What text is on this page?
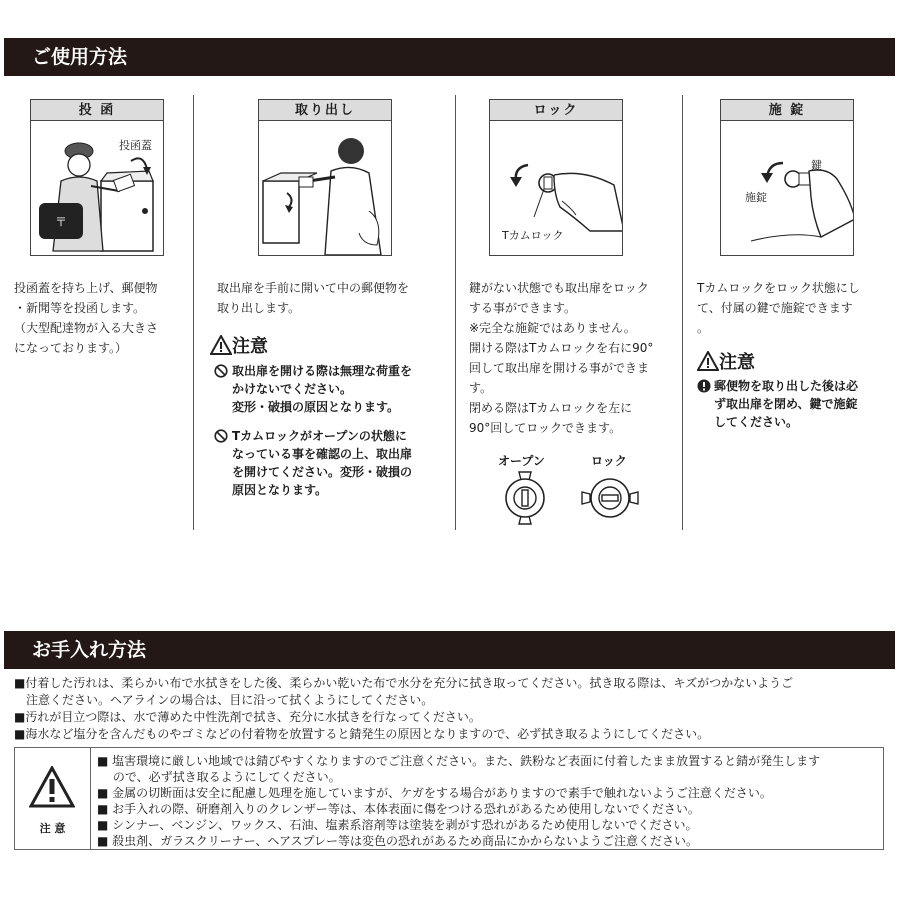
ご使用方法
投 函
〒
投函蓋

投函蓋を持ち上げ、郵便物

・新聞等を投函します。

（大型配達物が入る大きさ

になっております。）

取り出し

取出扉を手前に開いて中の郵便物を

取り出します。

注意
取出扉を開ける際は無理な荷重を
かけないでください。
変形・破損の原因となります。
Tカムロックがオープンの状態に
なっている事を確認の上、取出扉
を開けてください。変形・破損の
原因となります。
ロック
Tカムロック

鍵がない状態でも取出扉をロック

する事ができます。

※完全な施錠ではありません。

開ける際はTカムロックを右に90°

回して取出扉を開ける事ができま

す。

閉める際はTカムロックを左に

90°回してロックできます。

オープン	ロック
施 錠
鍵
施錠

Tカムロックをロック状態にし

て、付属の鍵で施錠できます

。

注意
郵便物を取り出した後は必
ず取出扉を閉め、鍵で施錠
してください。
お手入れ方法

■付着した汚れは、柔らかい布で水拭きをした後、柔らかい乾いた布で水分を充分に拭き取ってください。拭き取る際は、キズがつかないようご

　注意ください。ヘアラインの場合は、目に沿って拭くようにしてください。

■汚れが目立つ際は、水で薄めた中性洗剤で拭き、充分に水拭きを行なってください。

■海水など塩分を含んだものやゴミなどの付着物を放置すると錆発生の原因となりますので、必ず拭き取るようにしてください。

注 意

■ 塩害環境に厳しい地域では錆びやすくなりますのでご注意ください。また、鉄粉など表面に付着したまま放置すると錆が発生します

　 ので、必ず拭き取るようにしてください。

■ 金属の切断面は安全に配慮し処理を施していますが、ケガをする場合がありますので素手で触れないようご注意ください。

■ お手入れの際、研磨剤入りのクレンザー等は、本体表面に傷をつける恐れがあるため使用しないでください。

■ シンナー、ベンジン、ワックス、石油、塩素系溶剤等は塗装を剥がす恐れがあるため使用しないでください。

■ 殺虫剤、ガラスクリーナー、ヘアスプレー等は変色の恐れがあるため商品にかからないようご注意ください。
